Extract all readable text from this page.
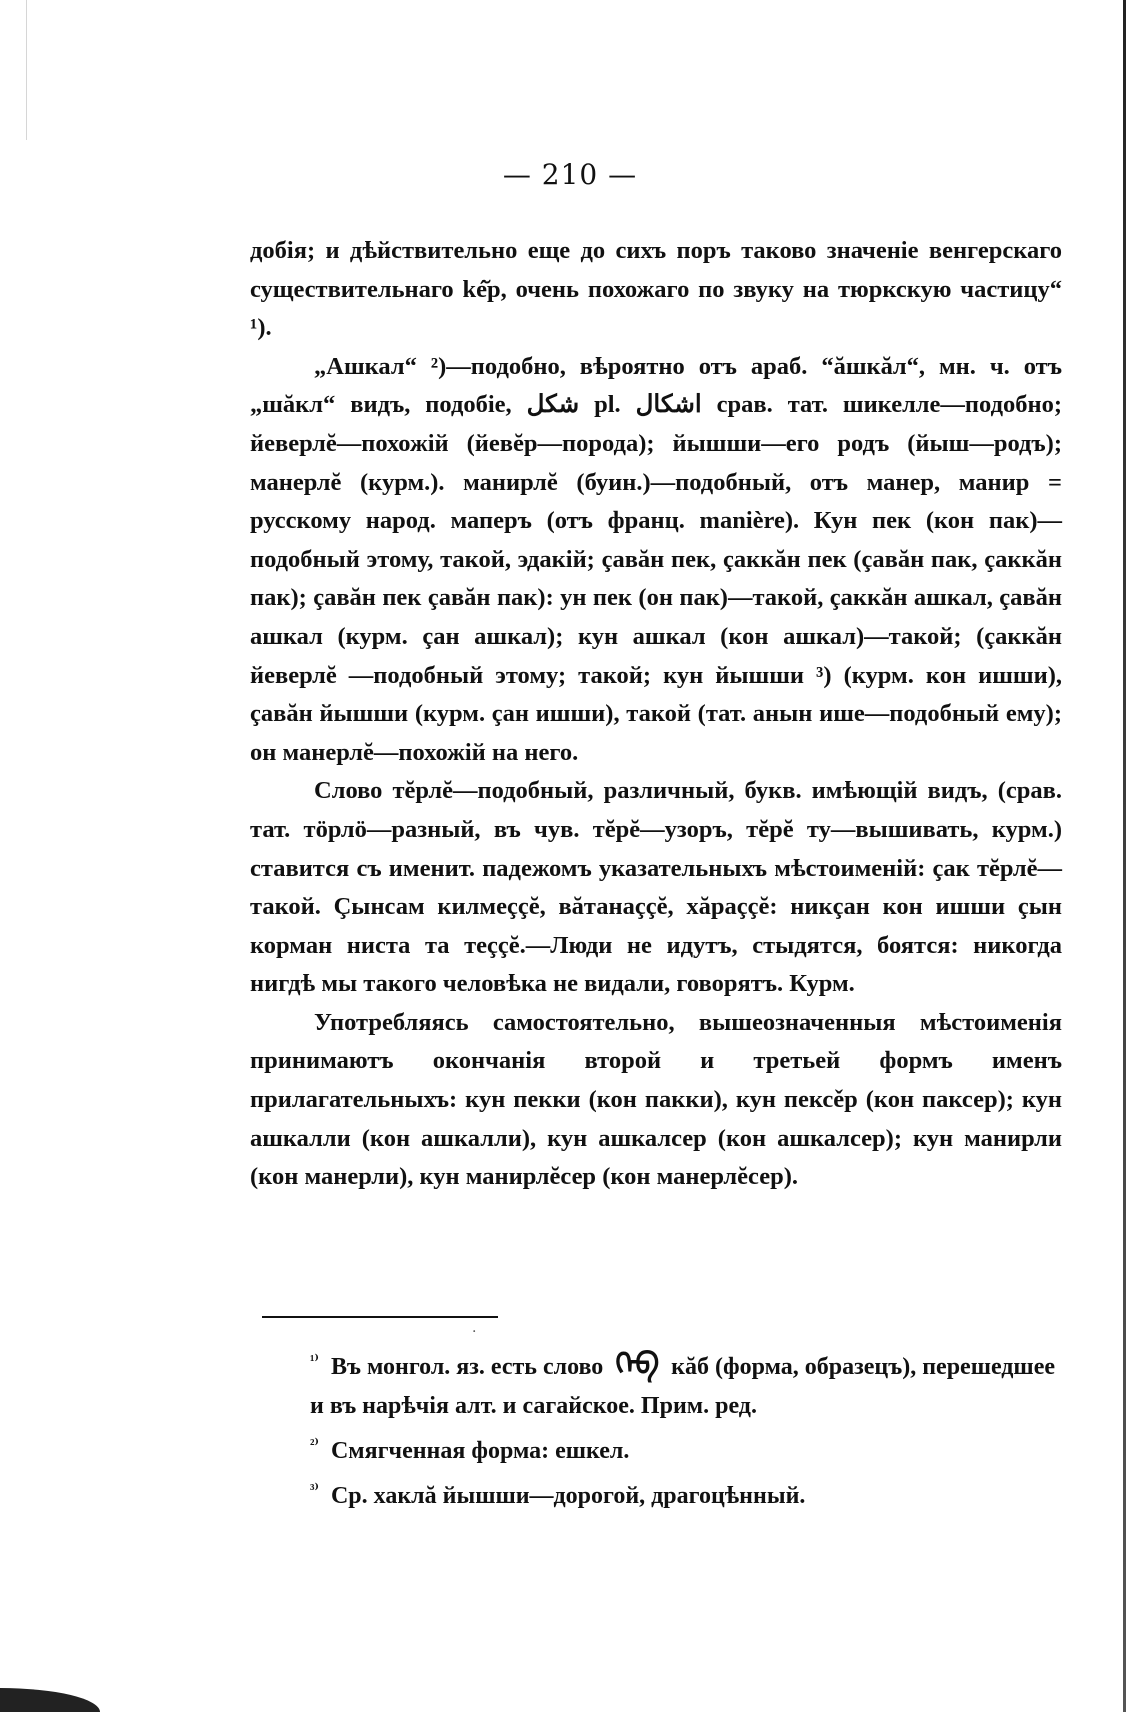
— 210 —

добія; и дѣйствительно еще до сихъ поръ таково значеніе венгерскаго существительнаго ké̆р, очень похожаго по звуку на тюркскую частицу“ ¹).

„Ашкал“ ²)—подобно, вѣроятно отъ араб. “ăшкăл“, мн. ч. отъ „шăкл“ видъ, подобіе, شكل pl. اشكال срав. тат. шикелле—подобно; йеверлĕ—похожій (йевĕр—порода); йышши—его родъ (йыш—родъ); манерлĕ (курм.). манирлĕ (буин.)—подобный, отъ манер, манир = русскому народ. маперъ (отъ франц. manière). Кун пек (кон пак)—подобный этому, такой, эдакій; çавăн пек, çаккăн пек (çавăн пак, çаккăн пак); çавăн пек çавăн пак): ун пек (он пак)—такой, çаккăн ашкал, çавăн ашкал (курм. çан ашкал); кун ашкал (кон ашкал)—такой; (çаккăн йеверлĕ —подобный этому; такой; кун йышши ³) (курм. кон ишши), çавăн йышши (курм. çан ишши), такой (тат. анын ише—подобный ему); он манерлĕ—похожій на него.

Слово тĕрлĕ—подобный, различный, букв. имѣющій видъ, (срав. тат. тöрлö—разный, въ чув. тĕрĕ—узоръ, тĕрĕ ту—вышивать, курм.) ставится съ именит. падежомъ указательныхъ мѣстоименій: çак тĕрлĕ—такой. Çынсам килмеççĕ, вăтанаççĕ, хăраççĕ: никçан кон ишши çын корман ниста та теççĕ.—Люди не идутъ, стыдятся, боятся: никогда нигдѣ мы такого человѣка не видали, говорятъ. Курм.

Употребляясь самостоятельно, вышеозначенныя мѣстоименія принимаютъ окончанія второй и третьей формъ именъ прилагательныхъ: кун пекки (кон пакки), кун пексěр (кон паксер); кун ашкалли (кон ашкалли), кун ашкалсер (кон ашкалсер); кун манирли (кон манерли), кун манирлĕсер (кон манерлĕсер).

·

$^{^{1)}}$ Въ монгол. яз. есть слово ᠬᠡᠪ кăб (форма, образецъ), перешедшее и въ нарѣчія алт. и сагайское. Прим. ред.

$^{^{2)}}$ Смягченная форма: ешкел.

$^{^{3)}}$ Ср. хаклă йышши—дорогой, драгоцѣнный.
